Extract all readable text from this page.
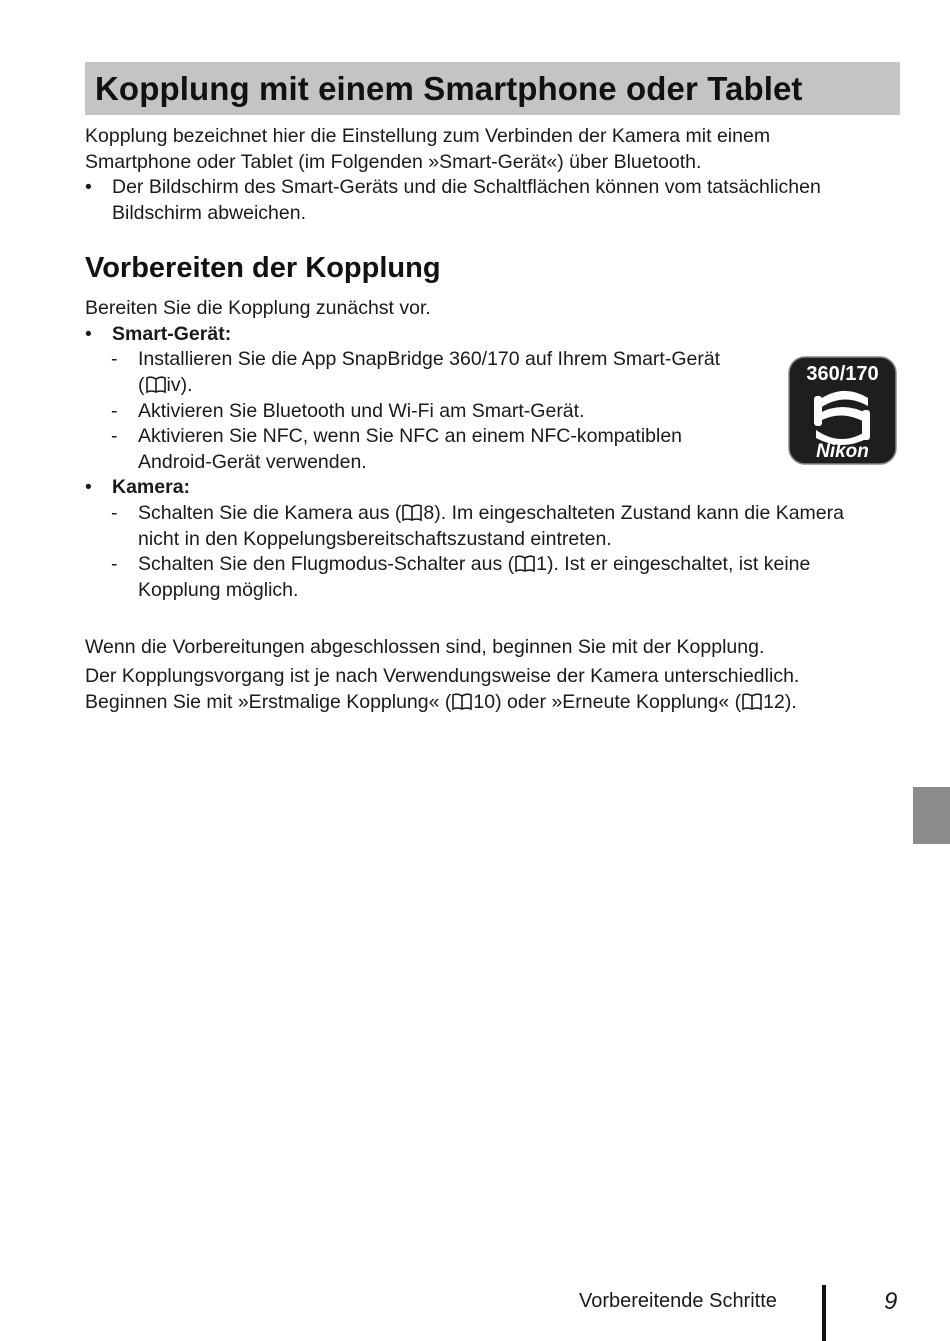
Kopplung mit einem Smartphone oder Tablet

Kopplung bezeichnet hier die Einstellung zum Verbinden der Kamera mit einem Smartphone oder Tablet (im Folgenden »Smart-Gerät«) über Bluetooth.

•	Der Bildschirm des Smart-Geräts und die Schaltflächen können vom tatsächlichen Bildschirm abweichen.
Vorbereiten der Kopplung

Bereiten Sie die Kopplung zunächst vor.

•	Smart-Gerät:
- Installieren Sie die App SnapBridge 360/170 auf Ihrem Smart-Gerät
( iv).
- Aktivieren Sie Bluetooth und Wi-Fi am Smart-Gerät.
- Aktivieren Sie NFC, wenn Sie NFC an einem NFC-kompatiblen
Android-Gerät verwenden.
•	Kamera:
- Schalten Sie die Kamera aus ( 8). Im eingeschalteten Zustand kann die Kamera
nicht in den Koppelungsbereitschaftszustand eintreten.
- Schalten Sie den Flugmodus-Schalter aus ( 1). Ist er eingeschaltet, ist keine
Kopplung möglich.

Wenn die Vorbereitungen abgeschlossen sind, beginnen Sie mit der Kopplung.

Der Kopplungsvorgang ist je nach Verwendungsweise der Kamera unterschiedlich.

Beginnen Sie mit »Erstmalige Kopplung« ( 10) oder »Erneute Kopplung« ( 12).

360/170
Nikon
Vorbereitende Schritte	9
